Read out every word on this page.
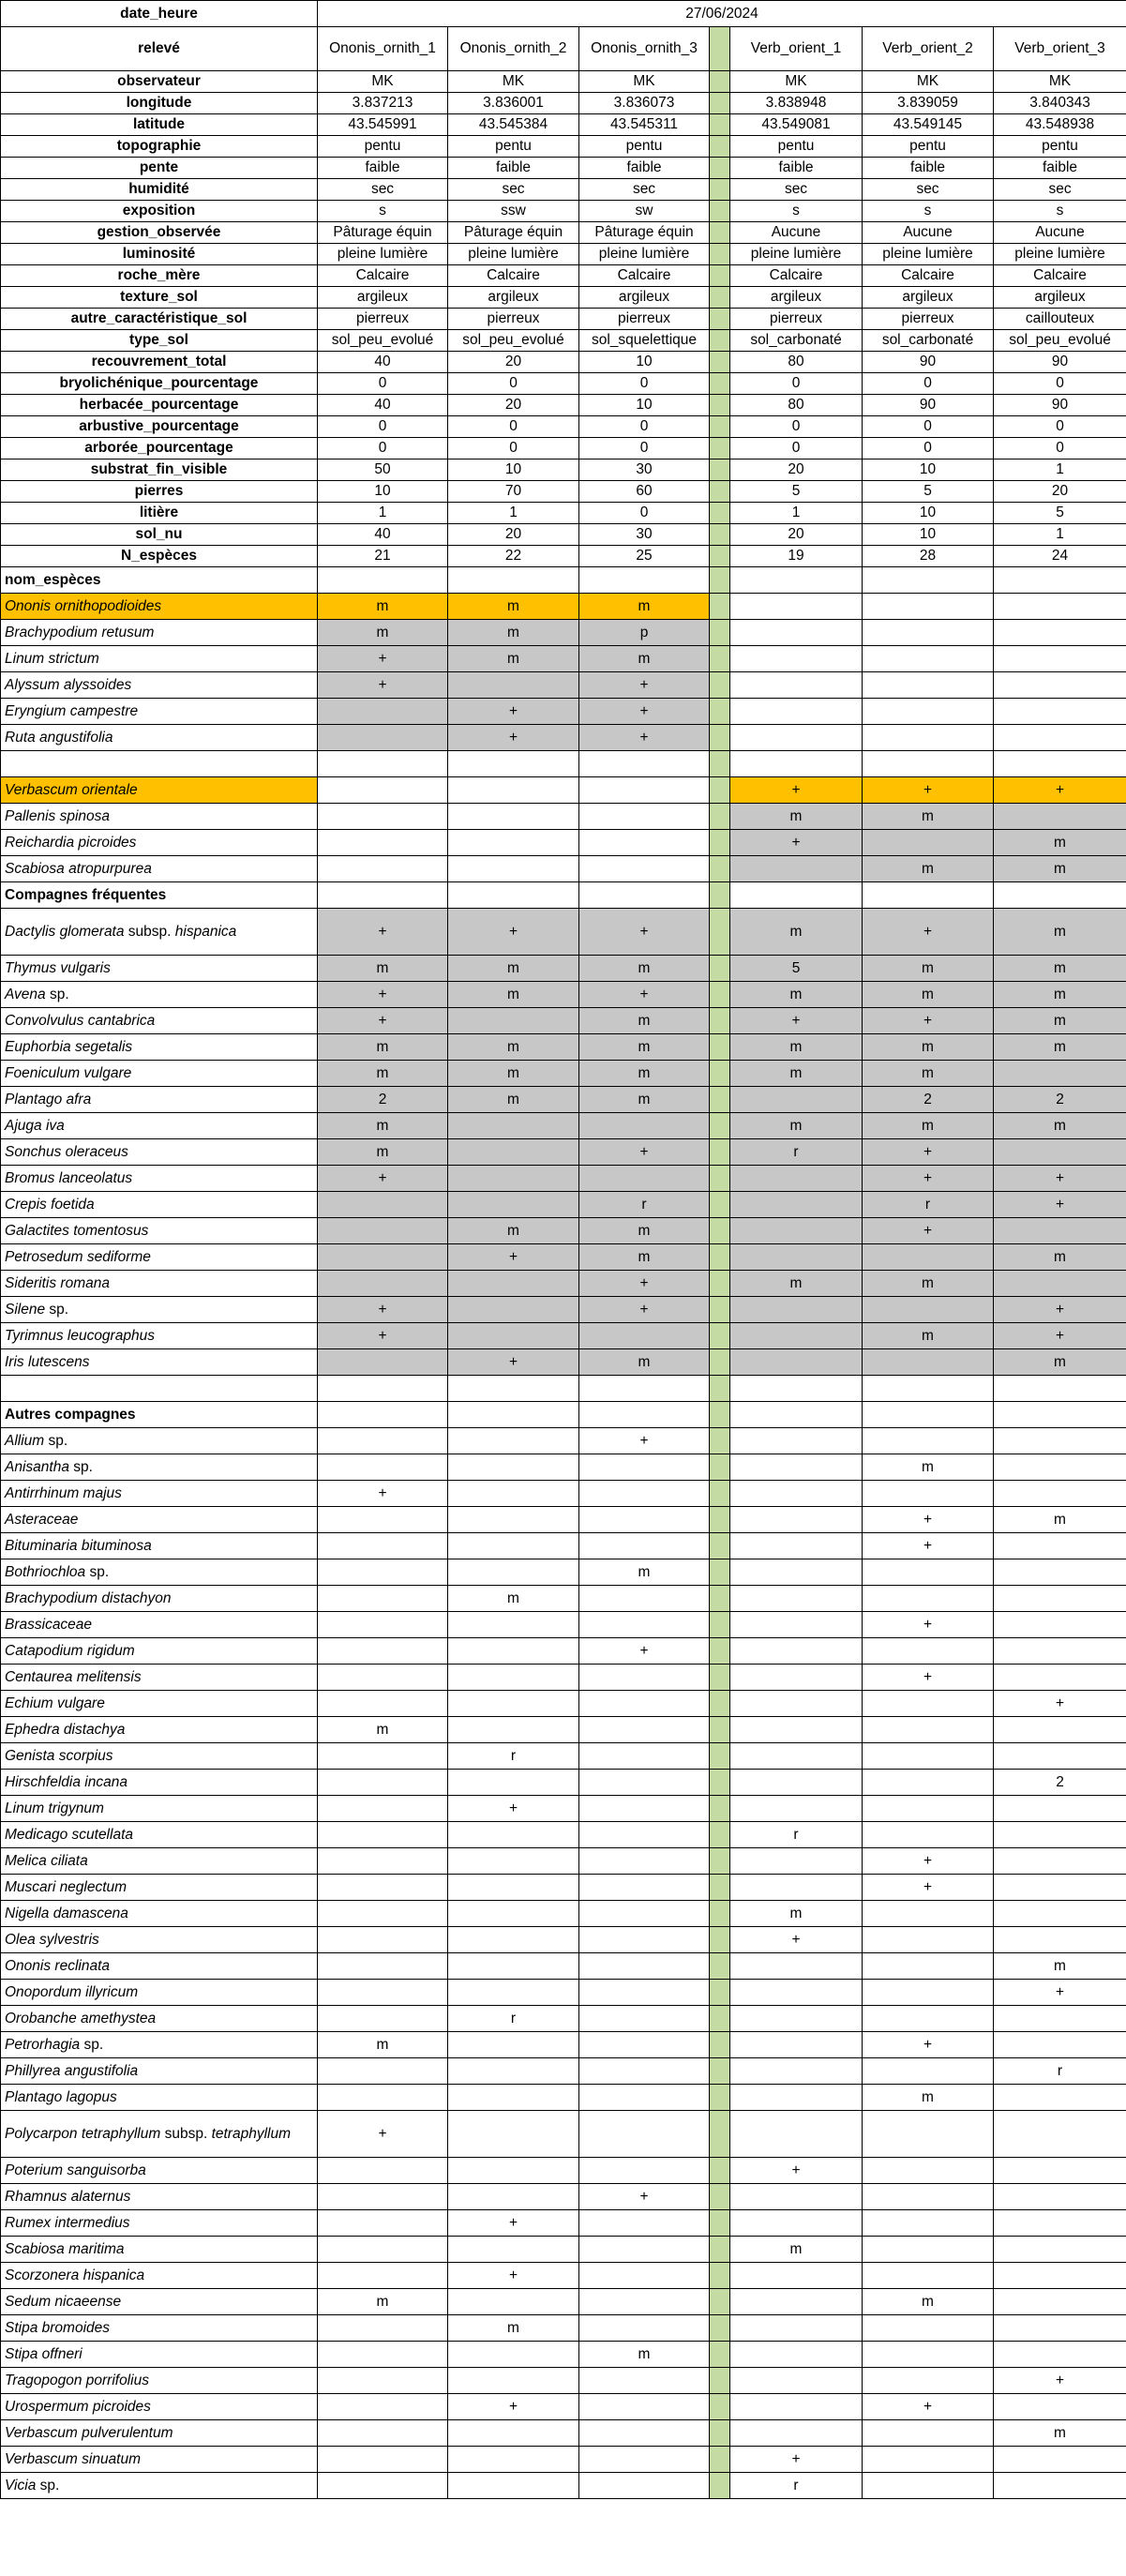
date_heure	27/06/2024						
relevé	Ononis_ornith_1	Ononis_ornith_2	Ononis_ornith_3		Verb_orient_1	Verb_orient_2	Verb_orient_3
observateur	MK	MK	MK		MK	MK	MK
longitude	3.837213	3.836001	3.836073		3.838948	3.839059	3.840343
latitude	43.545991	43.545384	43.545311		43.549081	43.549145	43.548938
topographie	pentu	pentu	pentu		pentu	pentu	pentu
pente	faible	faible	faible		faible	faible	faible
humidité	sec	sec	sec		sec	sec	sec
exposition	s	ssw	sw		s	s	s
gestion_observée	Pâturage équin	Pâturage équin	Pâturage équin		Aucune	Aucune	Aucune
luminosité	pleine lumière	pleine lumière	pleine lumière		pleine lumière	pleine lumière	pleine lumière
roche_mère	Calcaire	Calcaire	Calcaire		Calcaire	Calcaire	Calcaire
texture_sol	argileux	argileux	argileux		argileux	argileux	argileux
autre_caractéristique_sol	pierreux	pierreux	pierreux		pierreux	pierreux	caillouteux
type_sol	sol_peu_evolué	sol_peu_evolué	sol_squelettique		sol_carbonaté	sol_carbonaté	sol_peu_evolué
recouvrement_total	40	20	10		80	90	90
bryolichénique_pourcentage	0	0	0		0	0	0
herbacée_pourcentage	40	20	10		80	90	90
arbustive_pourcentage	0	0	0		0	0	0
arborée_pourcentage	0	0	0		0	0	0
substrat_fin_visible	50	10	30		20	10	1
pierres	10	70	60		5	5	20
litière	1	1	0		1	10	5
sol_nu	40	20	30		20	10	1
N_espèces	21	22	25		19	28	24
nom_espèces							
Ononis ornithopodioides	m	m	m				
Brachypodium retusum	m	m	p				
Linum strictum	+	m	m				
Alyssum alyssoides	+		+				
Eryngium campestre		+	+				
Ruta angustifolia		+	+				

Verbascum orientale					+	+	+
Pallenis spinosa					m	m	
Reichardia picroides					+		m
Scabiosa atropurpurea						m	m
Compagnes fréquentes							
Dactylis glomerata subsp. hispanica	+	+	+		m	+	m
Thymus vulgaris	m	m	m		5	m	m
Avena sp.	+	m	+		m	m	m
Convolvulus cantabrica	+		m		+	+	m
Euphorbia segetalis	m	m	m		m	m	m
Foeniculum vulgare	m	m	m		m	m	
Plantago afra	2	m	m			2	2
Ajuga iva	m				m	m	m
Sonchus oleraceus	m		+		r	+	
Bromus lanceolatus	+					+	+
Crepis foetida			r			r	+
Galactites tomentosus		m	m			+	
Petrosedum sediforme		+	m				m
Sideritis romana			+		m	m	
Silene sp.	+		+				+
Tyrimnus leucographus	+					m	+
Iris lutescens		+	m				m

Autres compagnes							
Allium sp.			+				
Anisantha sp.						m	
Antirrhinum majus	+						
Asteraceae						+	m
Bituminaria bituminosa						+	
Bothriochloa sp.			m				
Brachypodium distachyon		m					
Brassicaceae						+	
Catapodium rigidum			+				
Centaurea melitensis						+	
Echium vulgare							+
Ephedra distachya	m						
Genista scorpius		r					
Hirschfeldia incana							2
Linum trigynum		+					
Medicago scutellata					r		
Melica ciliata						+	
Muscari neglectum						+	
Nigella damascena					m		
Olea sylvestris					+		
Ononis reclinata							m
Onopordum illyricum							+
Orobanche amethystea		r					
Petrorhagia sp.	m					+	
Phillyrea angustifolia							r
Plantago lagopus						m	
Polycarpon tetraphyllum subsp. tetraphyllum	+						
Poterium sanguisorba					+		
Rhamnus alaternus			+				
Rumex intermedius		+					
Scabiosa maritima					m		
Scorzonera hispanica		+					
Sedum nicaeense	m					m	
Stipa bromoides		m					
Stipa offneri			m				
Tragopogon porrifolius							+
Urospermum picroides		+				+	
Verbascum pulverulentum							m
Verbascum sinuatum					+		
Vicia sp.					r		
